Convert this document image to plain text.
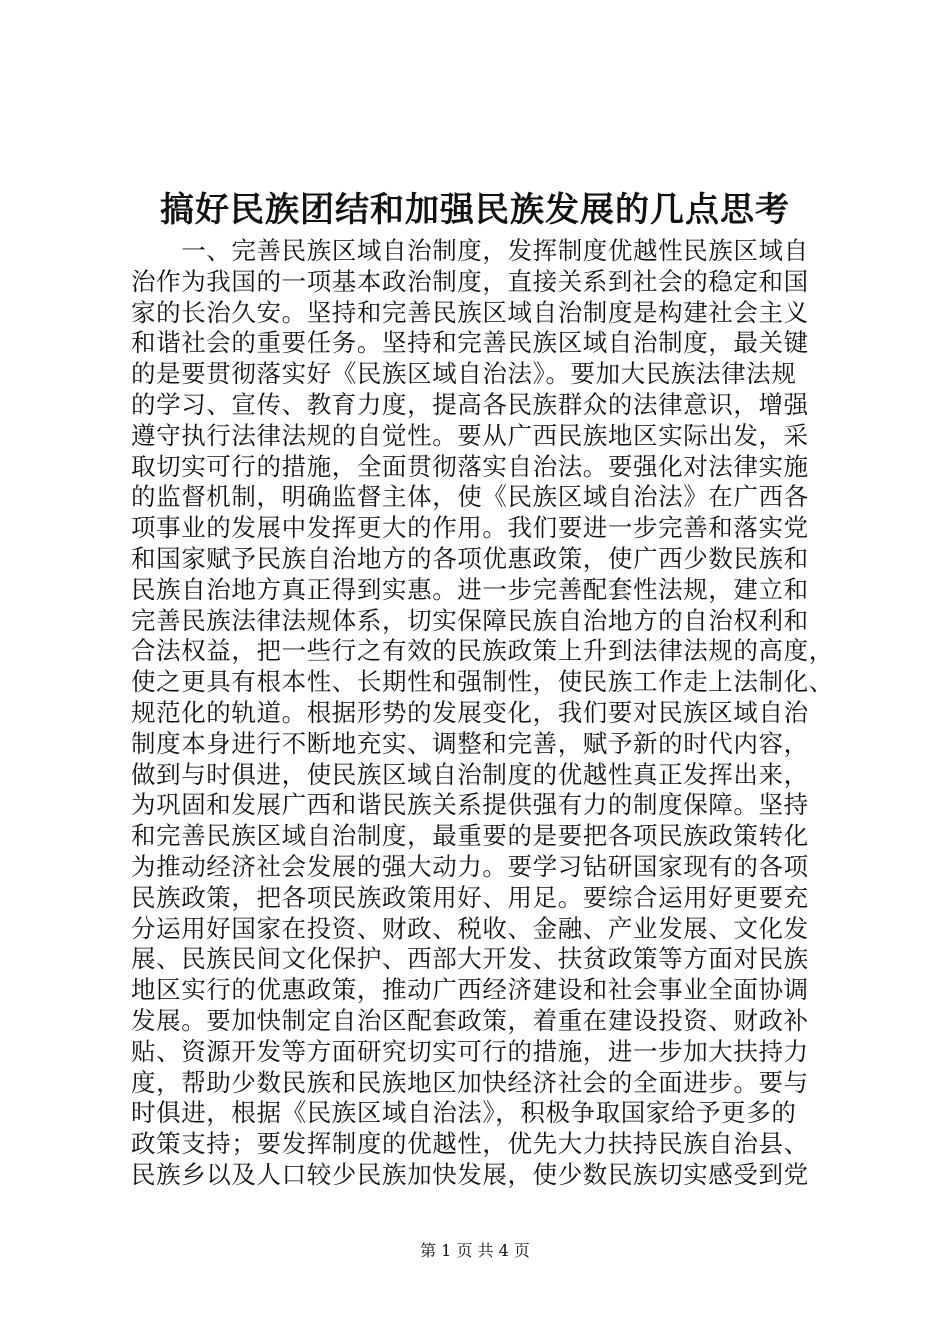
搞好民族团结和加强民族发展的几点思考
　　一、完善民族区域自治制度，发挥制度优越性民族区域自
治作为我国的一项基本政治制度，直接关系到社会的稳定和国
家的长治久安。坚持和完善民族区域自治制度是构建社会主义
和谐社会的重要任务。坚持和完善民族区域自治制度，最关键
的是要贯彻落实好《民族区域自治法》。要加大民族法律法规
的学习、宣传、教育力度，提高各民族群众的法律意识，增强
遵守执行法律法规的自觉性。要从广西民族地区实际出发，采
取切实可行的措施，全面贯彻落实自治法。要强化对法律实施
的监督机制，明确监督主体，使《民族区域自治法》在广西各
项事业的发展中发挥更大的作用。我们要进一步完善和落实党
和国家赋予民族自治地方的各项优惠政策，使广西少数民族和
民族自治地方真正得到实惠。进一步完善配套性法规，建立和
完善民族法律法规体系，切实保障民族自治地方的自治权利和
合法权益，把一些行之有效的民族政策上升到法律法规的高度，
使之更具有根本性、长期性和强制性，使民族工作走上法制化、
规范化的轨道。根据形势的发展变化，我们要对民族区域自治
制度本身进行不断地充实、调整和完善，赋予新的时代内容，
做到与时俱进，使民族区域自治制度的优越性真正发挥出来，
为巩固和发展广西和谐民族关系提供强有力的制度保障。坚持
和完善民族区域自治制度，最重要的是要把各项民族政策转化
为推动经济社会发展的强大动力。要学习钻研国家现有的各项
民族政策，把各项民族政策用好、用足。要综合运用好更要充
分运用好国家在投资、财政、税收、金融、产业发展、文化发
展、民族民间文化保护、西部大开发、扶贫政策等方面对民族
地区实行的优惠政策，推动广西经济建设和社会事业全面协调
发展。要加快制定自治区配套政策，着重在建设投资、财政补
贴、资源开发等方面研究切实可行的措施，进一步加大扶持力
度，帮助少数民族和民族地区加快经济社会的全面进步。要与
时俱进，根据《民族区域自治法》，积极争取国家给予更多的
政策支持；要发挥制度的优越性，优先大力扶持民族自治县、
民族乡以及人口较少民族加快发展，使少数民族切实感受到党
第 1 页 共 4 页
